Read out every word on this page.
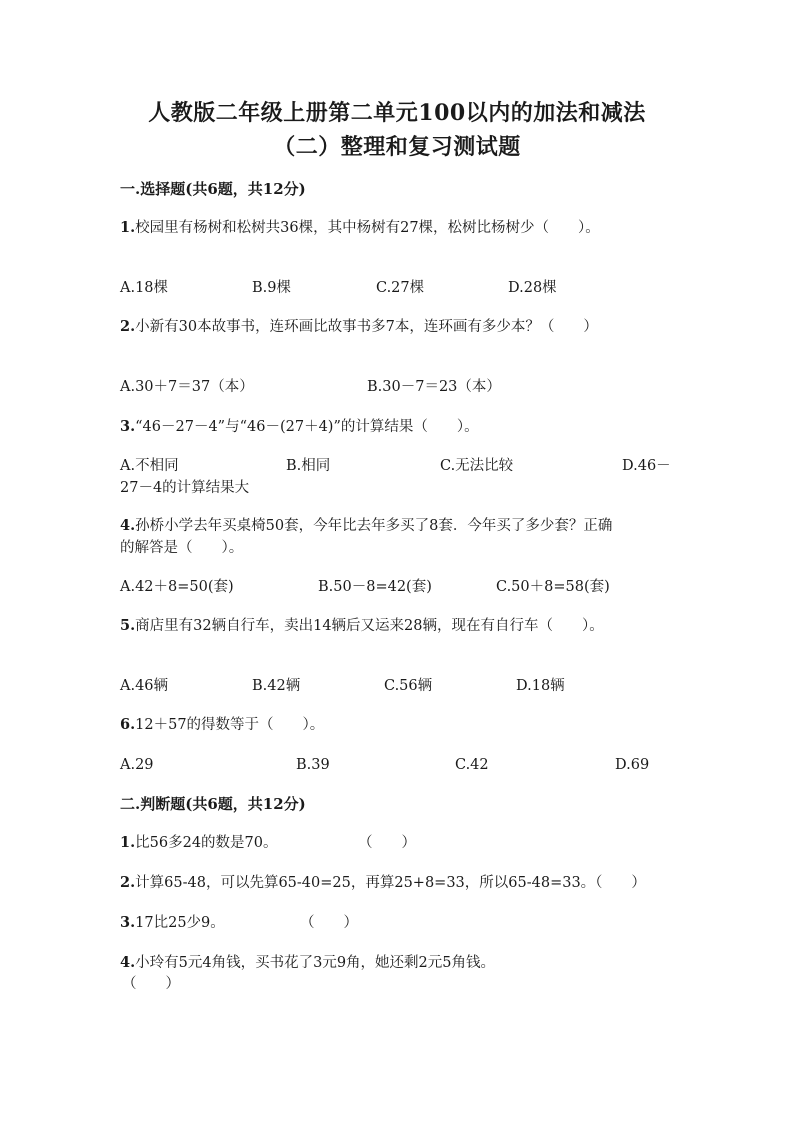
人教版二年级上册第二单元100以内的加法和减法
（二）整理和复习测试题
一.选择题(共6题，共12分)
1.校园里有杨树和松树共36棵，其中杨树有27棵，松树比杨树少（　　）。
A.18棵	B.9棵	C.27棵	D.28棵
2.小新有30本故事书，连环画比故事书多7本，连环画有多少本？（　　）
A.30＋7＝37（本）	B.30－7＝23（本）
3.“46－27－4”与“46－(27＋4)”的计算结果（　　）。
A.不相同	B.相同	C.无法比较	D.46－
27－4的计算结果大
4.孙桥小学去年买桌椅50套，今年比去年多买了8套．今年买了多少套？正确
的解答是（　　）。
A.42＋8=50(套)	B.50－8=42(套)	C.50＋8=58(套)
5.商店里有32辆自行车，卖出14辆后又运来28辆，现在有自行车（　　）。
A.46辆	B.42辆	C.56辆	D.18辆
6.12＋57的得数等于（　　）。
A.29	B.39	C.42	D.69
二.判断题(共6题，共12分)
1.比56多24的数是70。	（　　）
2.计算65-48，可以先算65-40=25，再算25+8=33，所以65-48=33。（　　）
3.17比25少9。	（　　）
4.小玲有5元4角钱，买书花了3元9角，她还剩2元5角钱。
（　　）
